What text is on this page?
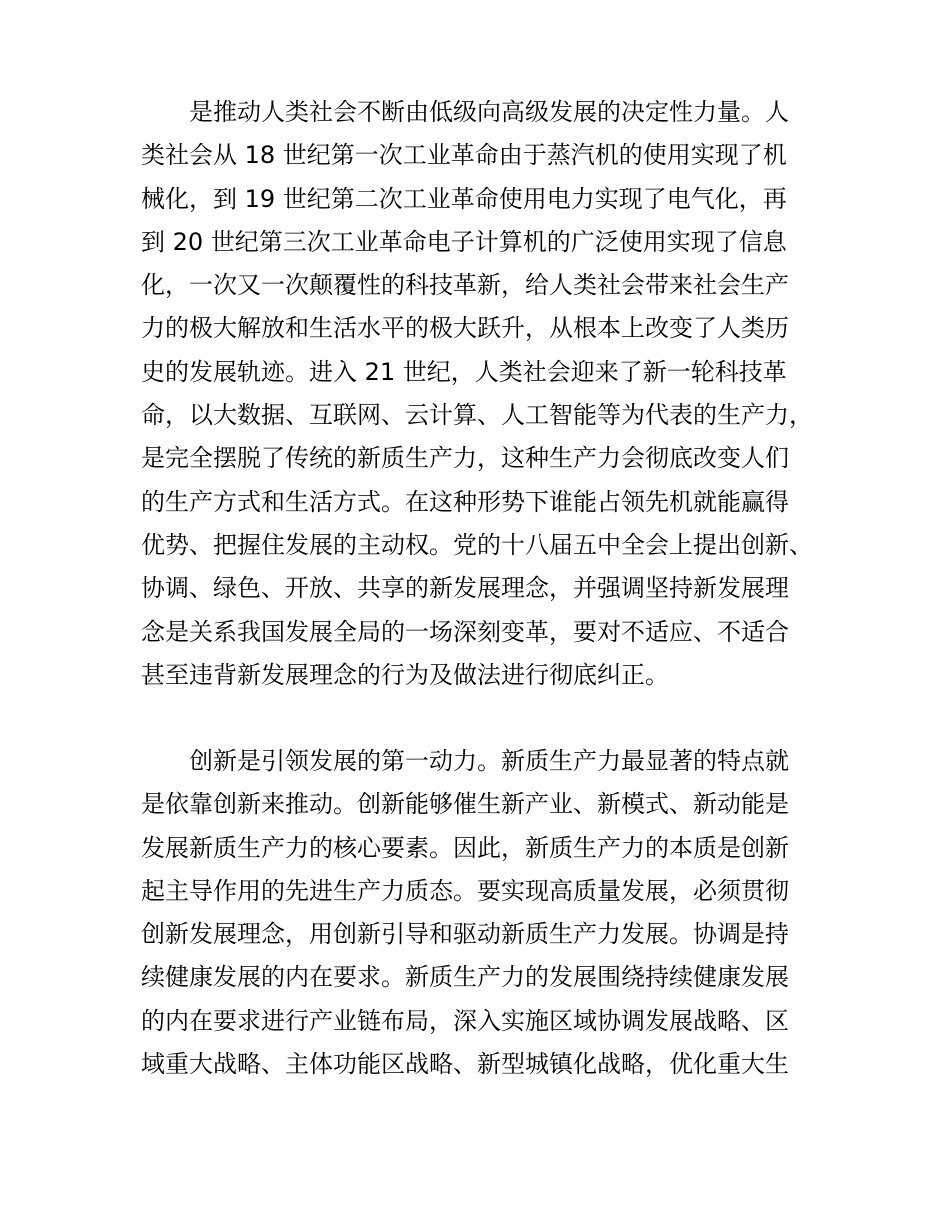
是推动人类社会不断由低级向高级发展的决定性力量。人
类社会从 18 世纪第一次工业革命由于蒸汽机的使用实现了机
械化，到 19 世纪第二次工业革命使用电力实现了电气化，再
到 20 世纪第三次工业革命电子计算机的广泛使用实现了信息
化，一次又一次颠覆性的科技革新，给人类社会带来社会生产
力的极大解放和生活水平的极大跃升，从根本上改变了人类历
史的发展轨迹。进入 21 世纪，人类社会迎来了新一轮科技革
命，以大数据、互联网、云计算、人工智能等为代表的生产力，
是完全摆脱了传统的新质生产力，这种生产力会彻底改变人们
的生产方式和生活方式。在这种形势下谁能占领先机就能赢得
优势、把握住发展的主动权。党的十八届五中全会上提出创新、
协调、绿色、开放、共享的新发展理念，并强调坚持新发展理
念是关系我国发展全局的一场深刻变革，要对不适应、不适合
甚至违背新发展理念的行为及做法进行彻底纠正。
创新是引领发展的第一动力。新质生产力最显著的特点就
是依靠创新来推动。创新能够催生新产业、新模式、新动能是
发展新质生产力的核心要素。因此，新质生产力的本质是创新
起主导作用的先进生产力质态。要实现高质量发展，必须贯彻
创新发展理念，用创新引导和驱动新质生产力发展。协调是持
续健康发展的内在要求。新质生产力的发展围绕持续健康发展
的内在要求进行产业链布局，深入实施区域协调发展战略、区
域重大战略、主体功能区战略、新型城镇化战略，优化重大生
